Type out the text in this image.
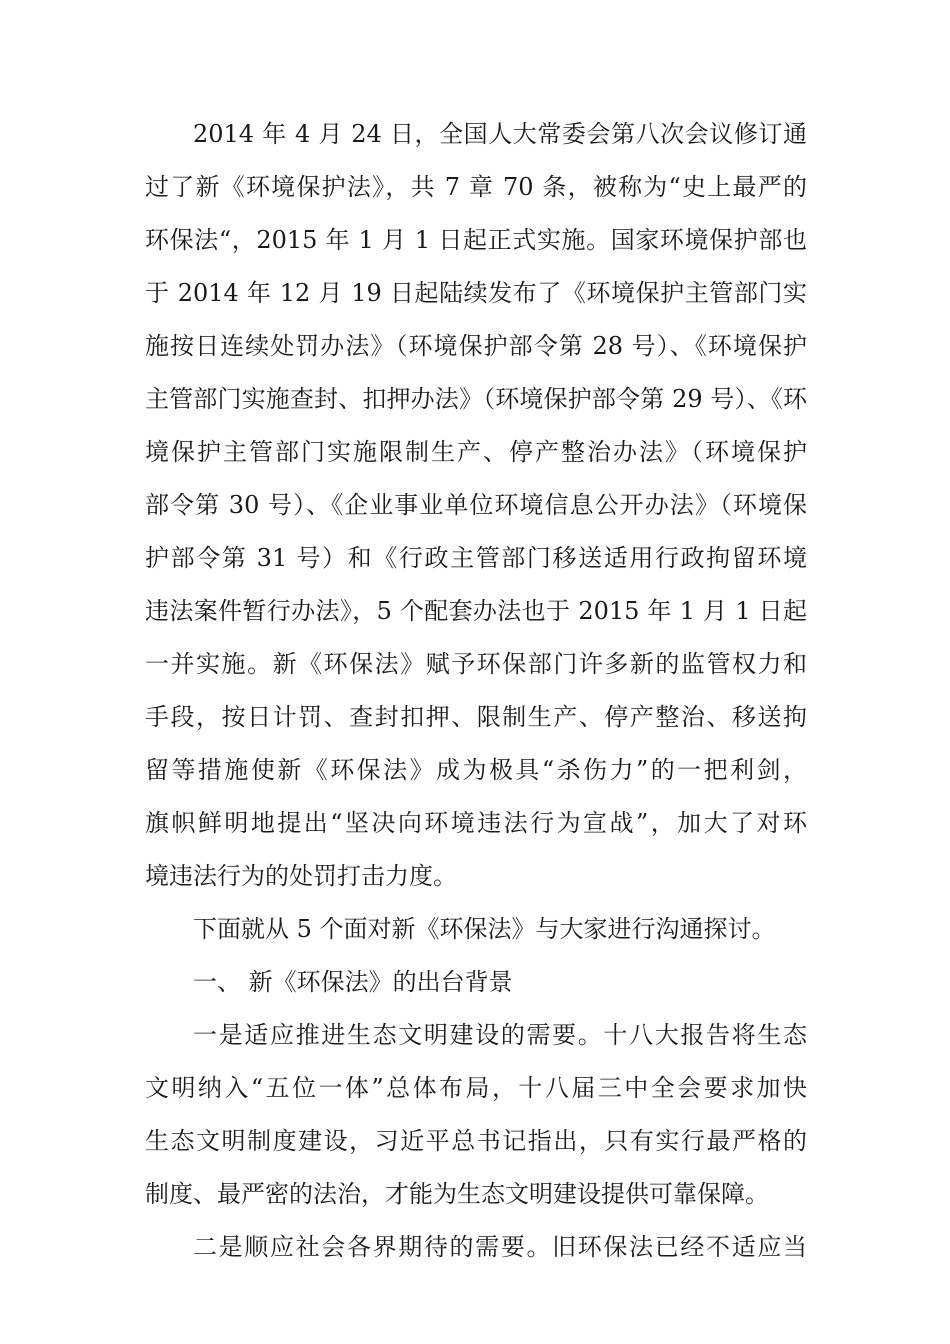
2014 年 4 月 24 日，全国人大常委会第八次会议修订通
过了新《环境保护法》，共 7 章 70 条，被称为“史上最严的
环保法“，2015 年 1 月 1 日起正式实施。国家环境保护部也
于 2014 年 12 月 19 日起陆续发布了《环境保护主管部门实
施按日连续处罚办法》（环境保护部令第 28 号）、《环境保护
主管部门实施查封、扣押办法》（环境保护部令第 29 号）、《环
境保护主管部门实施限制生产、停产整治办法》（环境保护
部令第 30 号）、《企业事业单位环境信息公开办法》（环境保
护部令第 31 号）和《行政主管部门移送适用行政拘留环境
违法案件暂行办法》，5 个配套办法也于 2015 年 1 月 1 日起
一并实施。新《环保法》赋予环保部门许多新的监管权力和
手段，按日计罚、查封扣押、限制生产、停产整治、移送拘
留等措施使新《环保法》成为极具“杀伤力”的一把利剑，
旗帜鲜明地提出“坚决向环境违法行为宣战”，加大了对环
境违法行为的处罚打击力度。
下面就从 5 个面对新《环保法》与大家进行沟通探讨。
一、 新《环保法》的出台背景
一是适应推进生态文明建设的需要。十八大报告将生态
文明纳入“五位一体”总体布局，十八届三中全会要求加快
生态文明制度建设，习近平总书记指出，只有实行最严格的
制度、最严密的法治，才能为生态文明建设提供可靠保障。
二是顺应社会各界期待的需要。旧环保法已经不适应当
